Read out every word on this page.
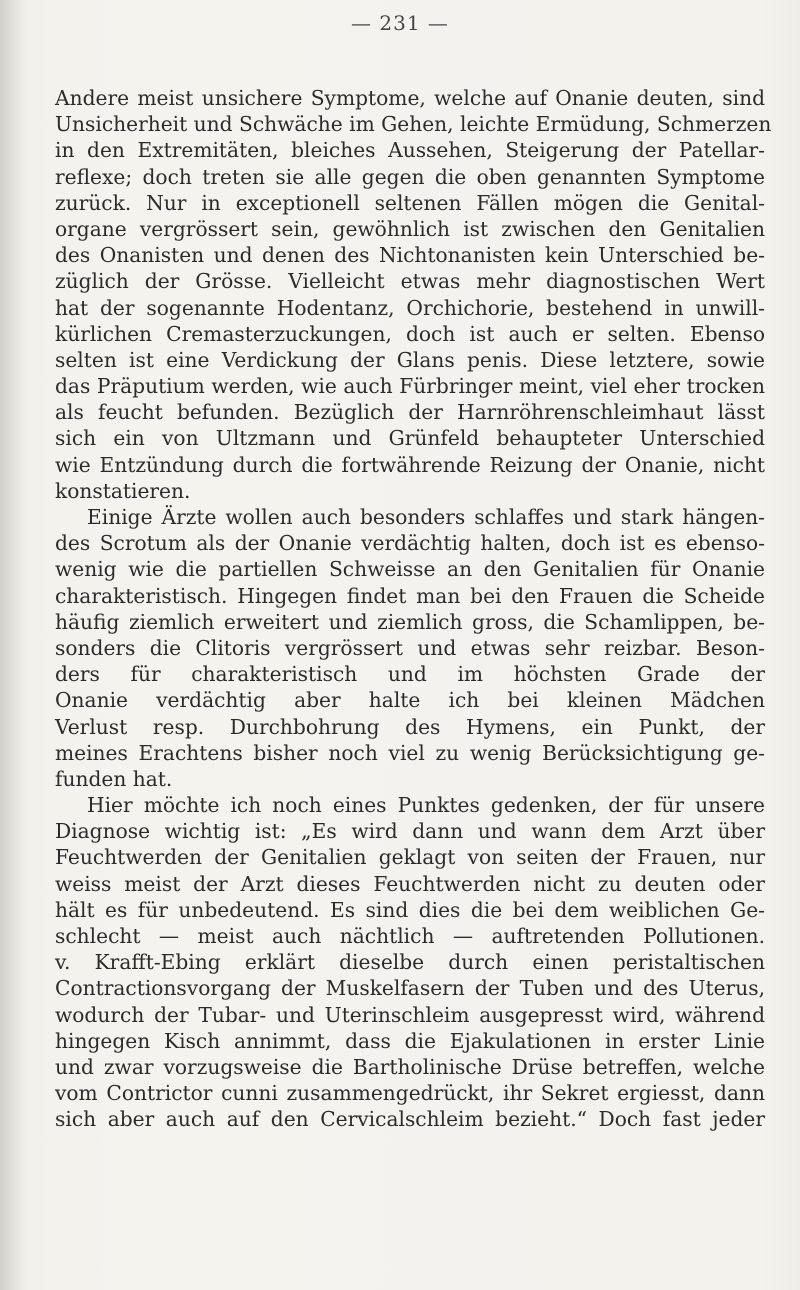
— 231 —
Andere meist unsicherе Symptome, welche auf Onanie deuten, sind
Unsicherheit und Schwäche im Gehen, leichte Ermüdung, Schmerzen
in den Extremitäten, bleiches Aussehen, Steigerung der Patellar-
reflexe; doch treten sie alle gegen die oben genannten Symptome
zurück. Nur in exceptionell seltenen Fällen mögen die Genital-
organe vergrössert sein, gewöhnlich ist zwischen den Genitalien
des Onanisten und denen des Nichtonanisten kein Unterschied be-
züglich der Grösse. Vielleicht etwas mehr diagnostischen Wert
hat der sogenannte Hodentanz, Orchichorie, bestehend in unwill-
kürlichen Cremasterzuckungen, doch ist auch er selten. Ebenso
selten ist eine Verdickung der Glans penis. Diese letztere, sowie
das Präputium werden, wie auch Fürbringer meint, viel eher trocken
als feucht befunden. Bezüglich der Harnröhrenschleimhaut lässt
sich ein von Ultzmann und Grünfeld behaupteter Unterschied
wie Entzündung durch die fortwährende Reizung der Onanie, nicht
konstatieren.
Einige Ärzte wollen auch besonders schlaffes und stark hängen-
des Scrotum als der Onanie verdächtig halten, doch ist es ebenso-
wenig wie die partiellen Schweisse an den Genitalien für Onanie
charakteristisch. Hingegen findet man bei den Frauen die Scheide
häufig ziemlich erweitert und ziemlich gross, die Schamlippen, be-
sonders die Clitoris vergrössert und etwas sehr reizbar. Beson-
ders für charakteristisch und im höchsten Grade der
Onanie verdächtig aber halte ich bei kleinen Mädchen
Verlust resp. Durchbohrung des Hymens, ein Punkt, der
meines Erachtens bisher noch viel zu wenig Berücksichtigung ge-
funden hat.
Hier möchte ich noch eines Punktes gedenken, der für unsere
Diagnose wichtig ist: „Es wird dann und wann dem Arzt über
Feuchtwerden der Genitalien geklagt von seiten der Frauen, nur
weiss meist der Arzt dieses Feuchtwerden nicht zu deuten oder
hält es für unbedeutend. Es sind dies die bei dem weiblichen Ge-
schlecht — meist auch nächtlich — auftretenden Pollutionen.
v. Krafft-Ebing erklärt dieselbe durch einen peristaltischen
Contractionsvorgang der Muskelfasern der Tuben und des Uterus,
wodurch der Tubar- und Uterinschleim ausgepresst wird, während
hingegen Kisch annimmt, dass die Ejakulationen in erster Linie
und zwar vorzugsweise die Bartholinische Drüse betreffen, welche
vom Contrictor cunni zusammengedrückt, ihr Sekret ergiesst, dann
sich aber auch auf den Cervicalschleim bezieht.“ Doch fast jeder
